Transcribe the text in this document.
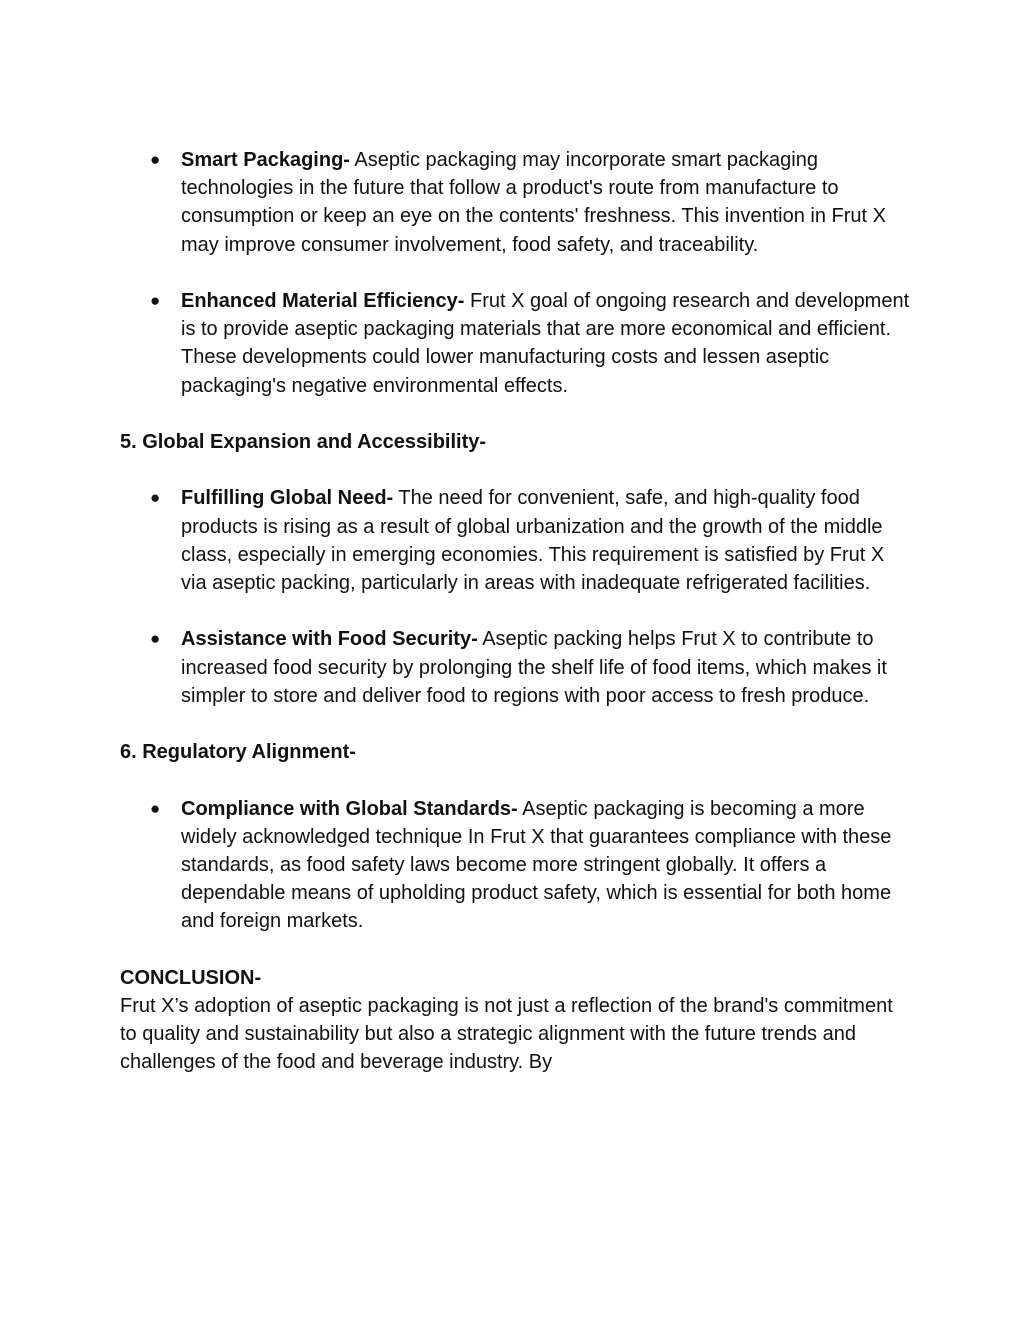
●	Smart Packaging- Aseptic packaging may incorporate smart packaging technologies in the future that follow a product's route from manufacture to consumption or keep an eye on the contents' freshness. This invention in Frut X may improve consumer involvement, food safety, and traceability.
●	Enhanced Material Efficiency- Frut X goal of ongoing research and development is to provide aseptic packaging materials that are more economical and efficient. These developments could lower manufacturing costs and lessen aseptic packaging's negative environmental effects.
5. Global Expansion and Accessibility-
●	Fulfilling Global Need- The need for convenient, safe, and high-quality food products is rising as a result of global urbanization and the growth of the middle class, especially in emerging economies. This requirement is satisfied by Frut X via aseptic packing, particularly in areas with inadequate refrigerated facilities.
●	Assistance with Food Security- Aseptic packing helps Frut X to contribute to increased food security by prolonging the shelf life of food items, which makes it simpler to store and deliver food to regions with poor access to fresh produce.
6. Regulatory Alignment-
●	Compliance with Global Standards- Aseptic packaging is becoming a more widely acknowledged technique In Frut X that guarantees compliance with these standards, as food safety laws become more stringent globally. It offers a dependable means of upholding product safety, which is essential for both home and foreign markets.
CONCLUSION-

Frut X’s adoption of aseptic packaging is not just a reflection of the brand's commitment to quality and sustainability but also a strategic alignment with the future trends and challenges of the food and beverage industry. By
